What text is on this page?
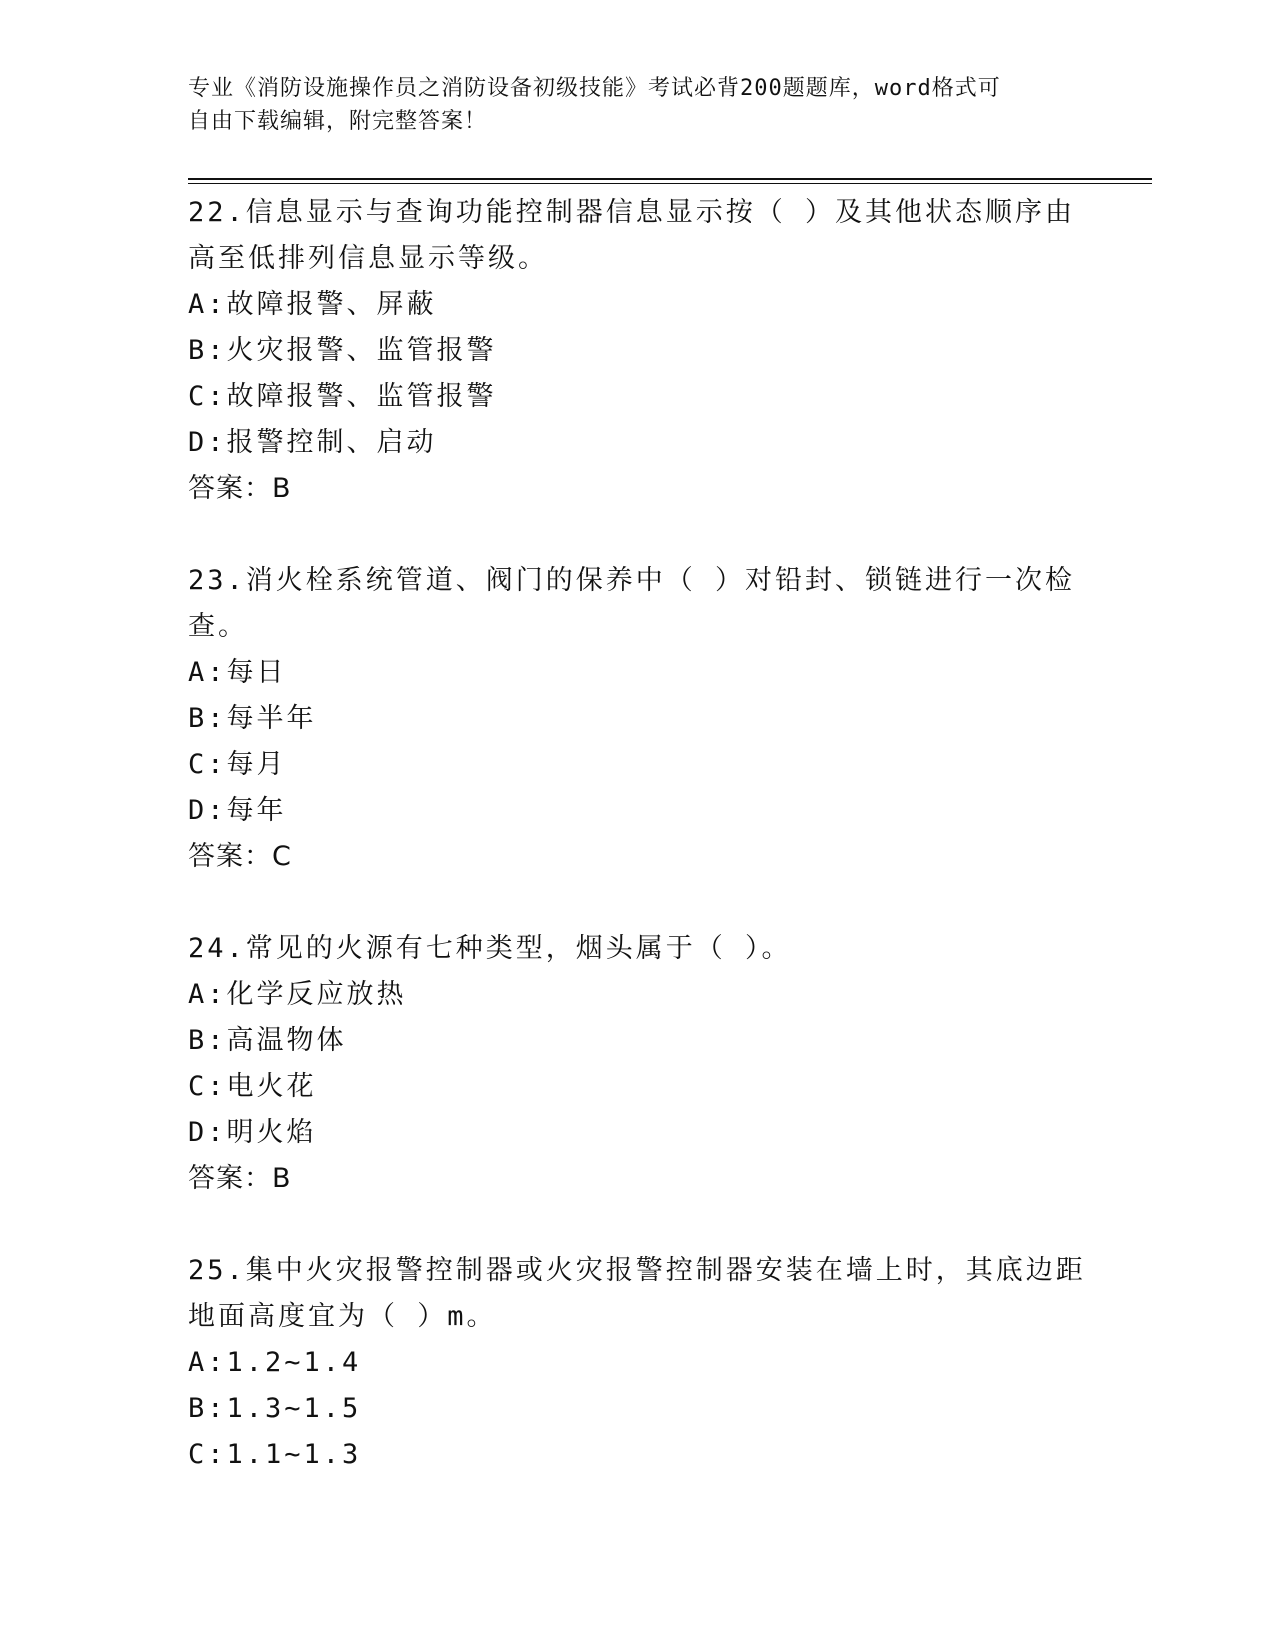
专业《消防设施操作员之消防设备初级技能》考试必背200题题库，word格式可
自由下载编辑，附完整答案！

22.信息显示与查询功能控制器信息显示按（ ）及其他状态顺序由高至低排列信息显示等级。

A:故障报警、屏蔽
B:火灾报警、监管报警
C:故障报警、监管报警
D:报警控制、启动
答案：B

23.消火栓系统管道、阀门的保养中（ ）对铅封、锁链进行一次检查。

A:每日
B:每半年
C:每月
D:每年
答案：C

24.常见的火源有七种类型，烟头属于（ ）。

A:化学反应放热
B:高温物体
C:电火花
D:明火焰
答案：B

25.集中火灾报警控制器或火灾报警控制器安装在墙上时，其底边距地面高度宜为（ ）m。

A:1.2~1.4
B:1.3~1.5
C:1.1~1.3
